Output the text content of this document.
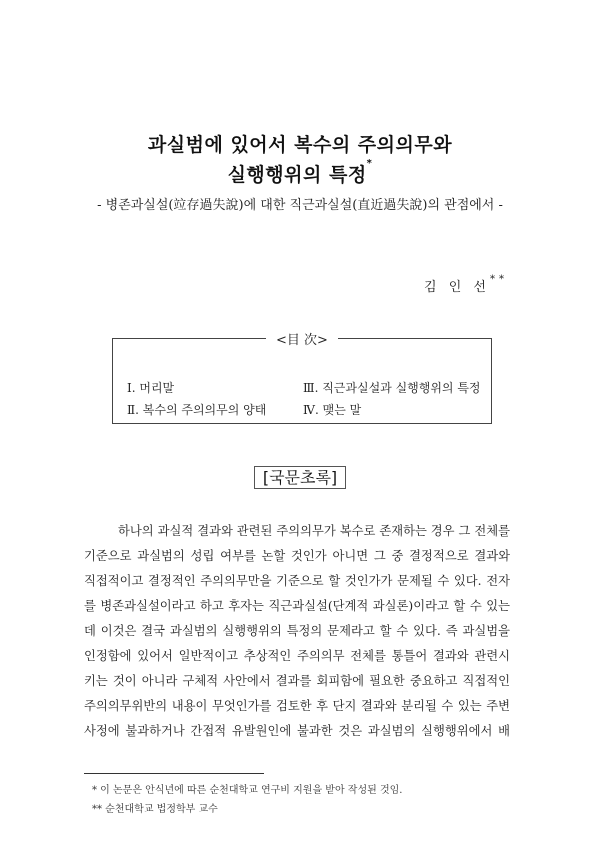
과실범에 있어서 복수의 주의의무와
실행행위의 특정*
- 병존과실설(竝存過失說)에 대한 직근과실설(直近過失說)의 관점에서 -
김 인 선**
<目 次>
Ⅰ. 머리말	Ⅲ. 직근과실설과 실행행위의 특정
Ⅱ. 복수의 주의의무의 양태	Ⅳ. 맺는 말
[국문초록]
하나의 과실적 결과와 관련된 주의의무가 복수로 존재하는 경우 그 전체를
기준으로 과실범의 성립 여부를 논할 것인가 아니면 그 중 결정적으로 결과와
직접적이고 결정적인 주의의무만을 기준으로 할 것인가가 문제될 수 있다. 전자
를 병존과실설이라고 하고 후자는 직근과실설(단계적 과실론)이라고 할 수 있는
데 이것은 결국 과실범의 실행행위의 특정의 문제라고 할 수 있다. 즉 과실범을
인정함에 있어서 일반적이고 추상적인 주의의무 전체를 통틀어 결과와 관련시
키는 것이 아니라 구체적 사안에서 결과를 회피함에 필요한 중요하고 직접적인
주의의무위반의 내용이 무엇인가를 검토한 후 단지 결과와 분리될 수 있는 주변
사정에 불과하거나 간접적 유발원인에 불과한 것은 과실범의 실행행위에서 배
* 이 논문은 안식년에 따른 순천대학교 연구비 지원을 받아 작성된 것임.
** 순천대학교 법정학부 교수
